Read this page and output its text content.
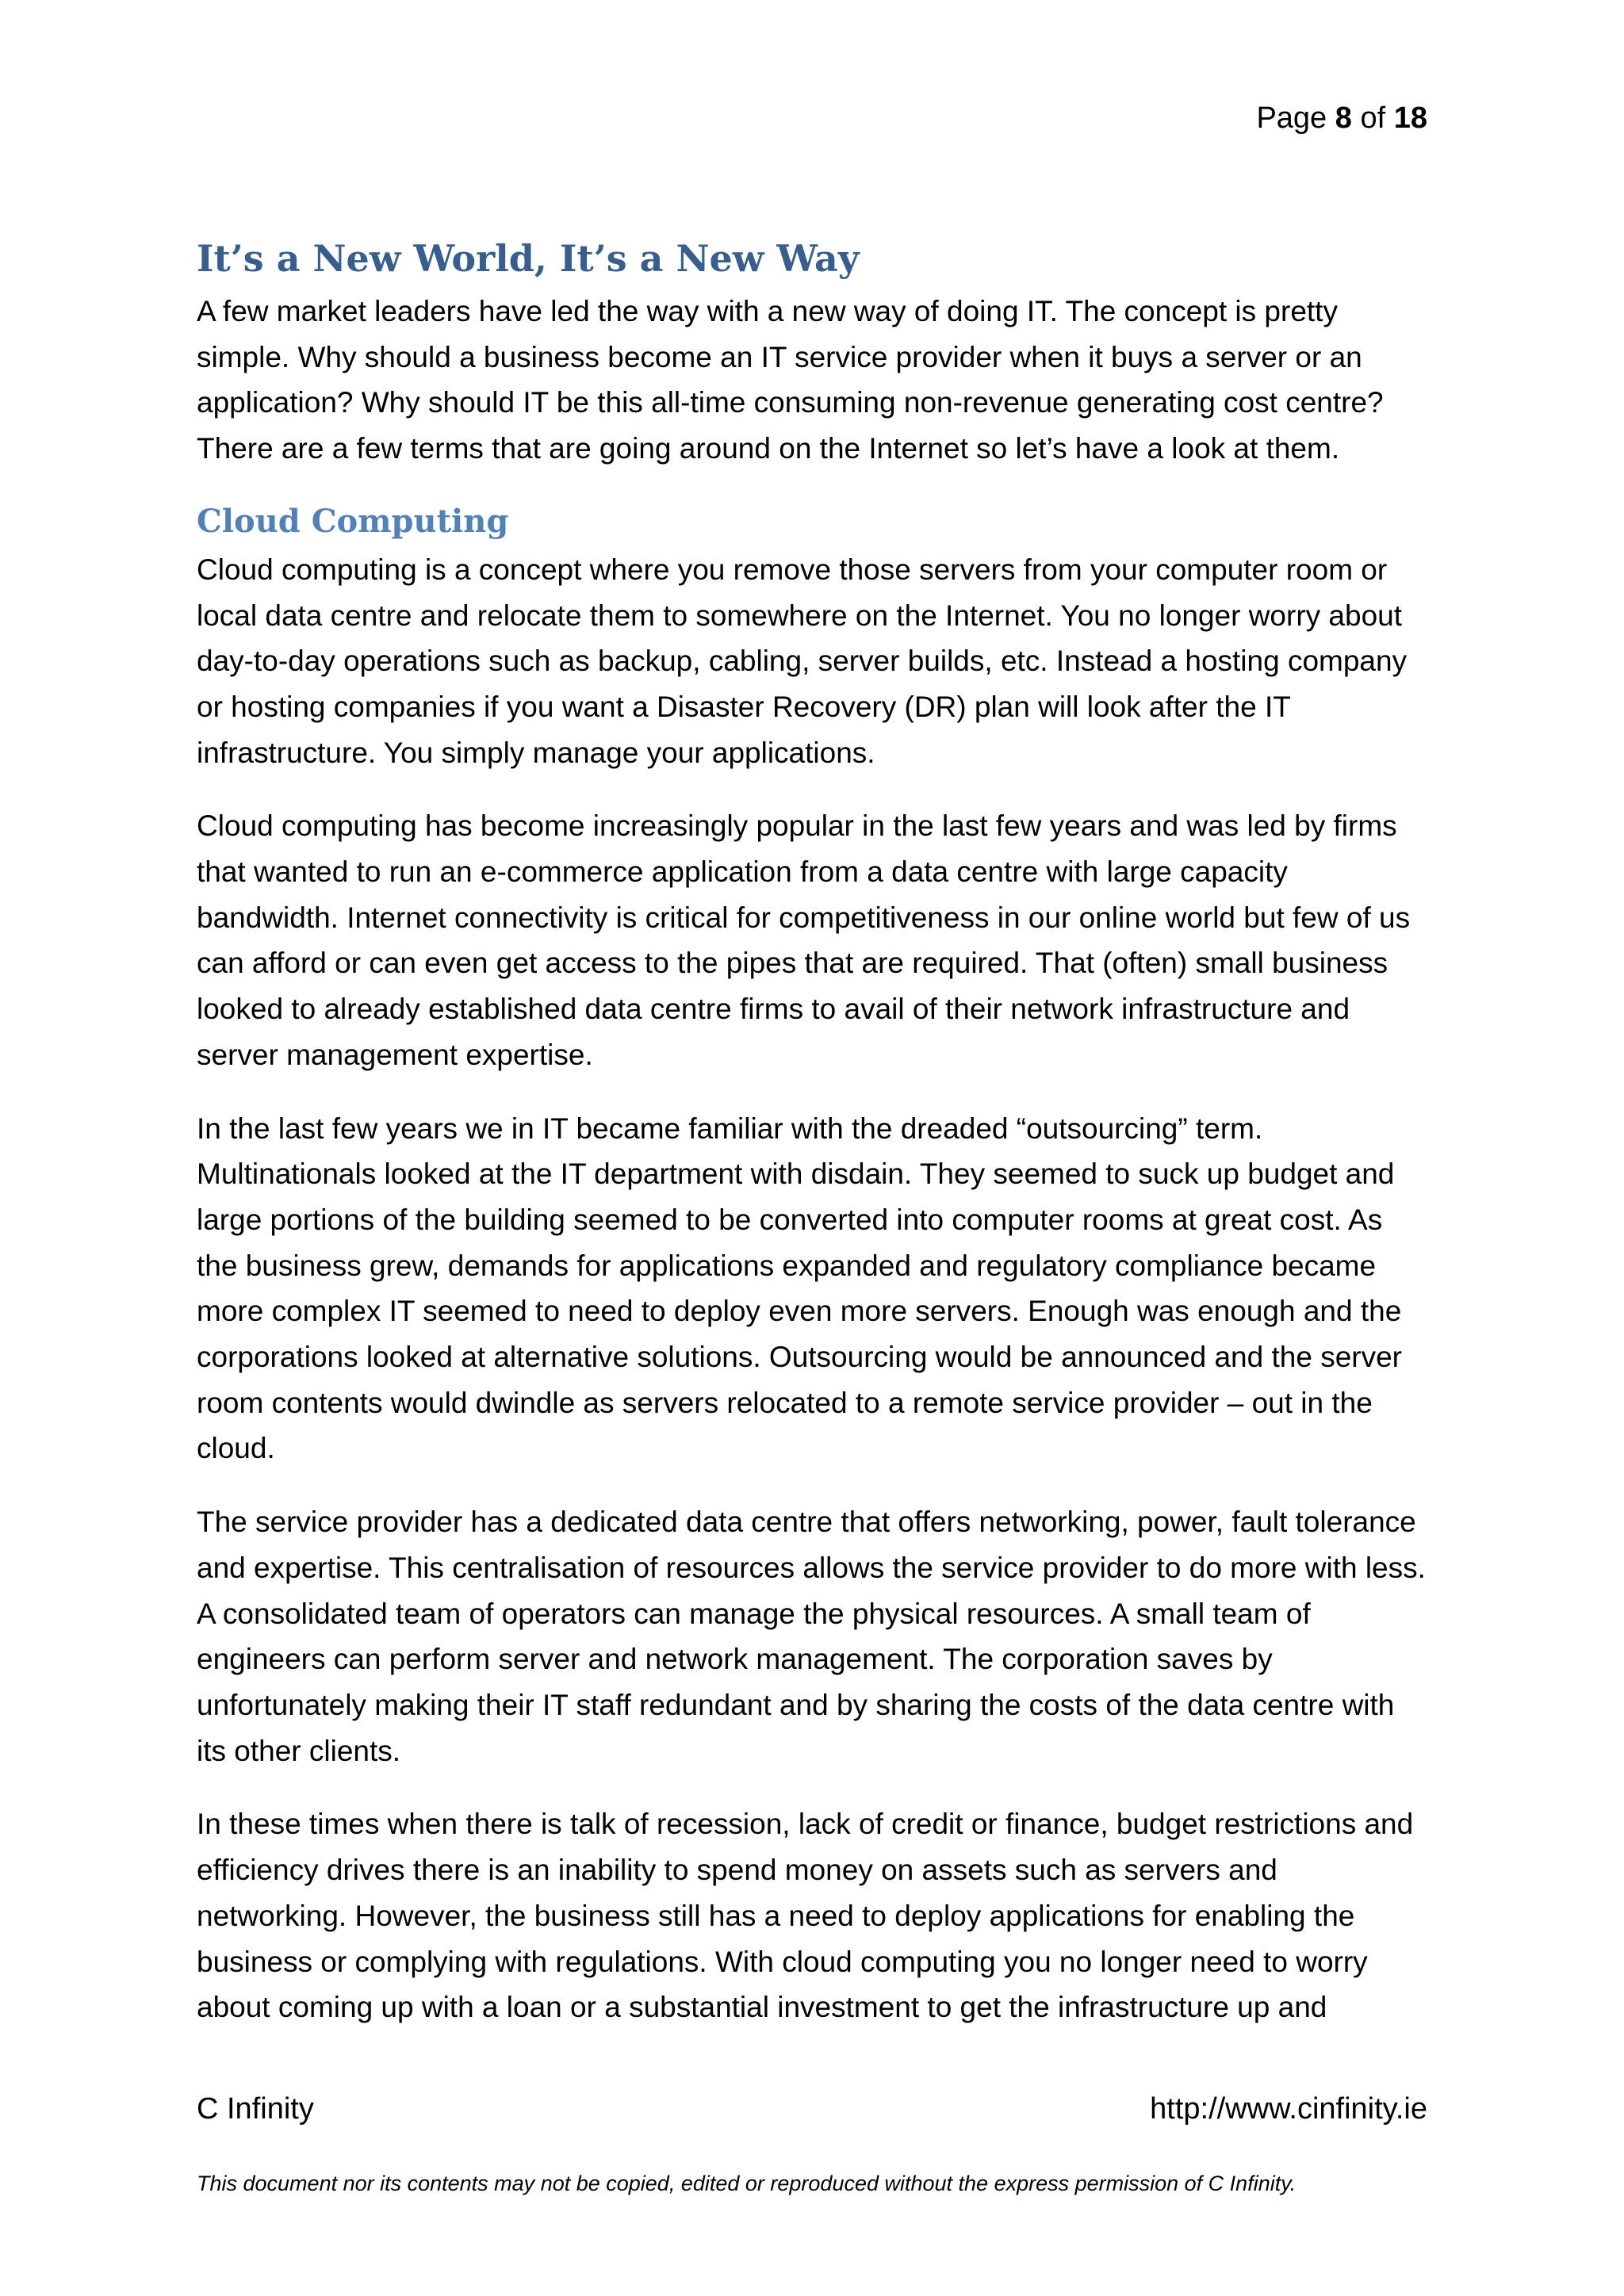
Page 8 of 18
It’s a New World, It’s a New Way

A few market leaders have led the way with a new way of doing IT. The concept is pretty simple. Why should a business become an IT service provider when it buys a server or an application? Why should IT be this all-time consuming non-revenue generating cost centre? There are a few terms that are going around on the Internet so let’s have a look at them.

Cloud Computing

Cloud computing is a concept where you remove those servers from your computer room or local data centre and relocate them to somewhere on the Internet. You no longer worry about day-to-day operations such as backup, cabling, server builds, etc. Instead a hosting company or hosting companies if you want a Disaster Recovery (DR) plan will look after the IT infrastructure. You simply manage your applications.

Cloud computing has become increasingly popular in the last few years and was led by firms that wanted to run an e-commerce application from a data centre with large capacity bandwidth. Internet connectivity is critical for competitiveness in our online world but few of us can afford or can even get access to the pipes that are required. That (often) small business looked to already established data centre firms to avail of their network infrastructure and server management expertise.

In the last few years we in IT became familiar with the dreaded “outsourcing” term. Multinationals looked at the IT department with disdain. They seemed to suck up budget and large portions of the building seemed to be converted into computer rooms at great cost. As the business grew, demands for applications expanded and regulatory compliance became more complex IT seemed to need to deploy even more servers. Enough was enough and the corporations looked at alternative solutions. Outsourcing would be announced and the server room contents would dwindle as servers relocated to a remote service provider – out in the cloud.

The service provider has a dedicated data centre that offers networking, power, fault tolerance and expertise. This centralisation of resources allows the service provider to do more with less. A consolidated team of operators can manage the physical resources. A small team of engineers can perform server and network management. The corporation saves by unfortunately making their IT staff redundant and by sharing the costs of the data centre with its other clients.

In these times when there is talk of recession, lack of credit or finance, budget restrictions and efficiency drives there is an inability to spend money on assets such as servers and networking. However, the business still has a need to deploy applications for enabling the business or complying with regulations. With cloud computing you no longer need to worry about coming up with a loan or a substantial investment to get the infrastructure up and

C Infinity	http://www.cinfinity.ie
This document nor its contents may not be copied, edited or reproduced without the express permission of C Infinity.
